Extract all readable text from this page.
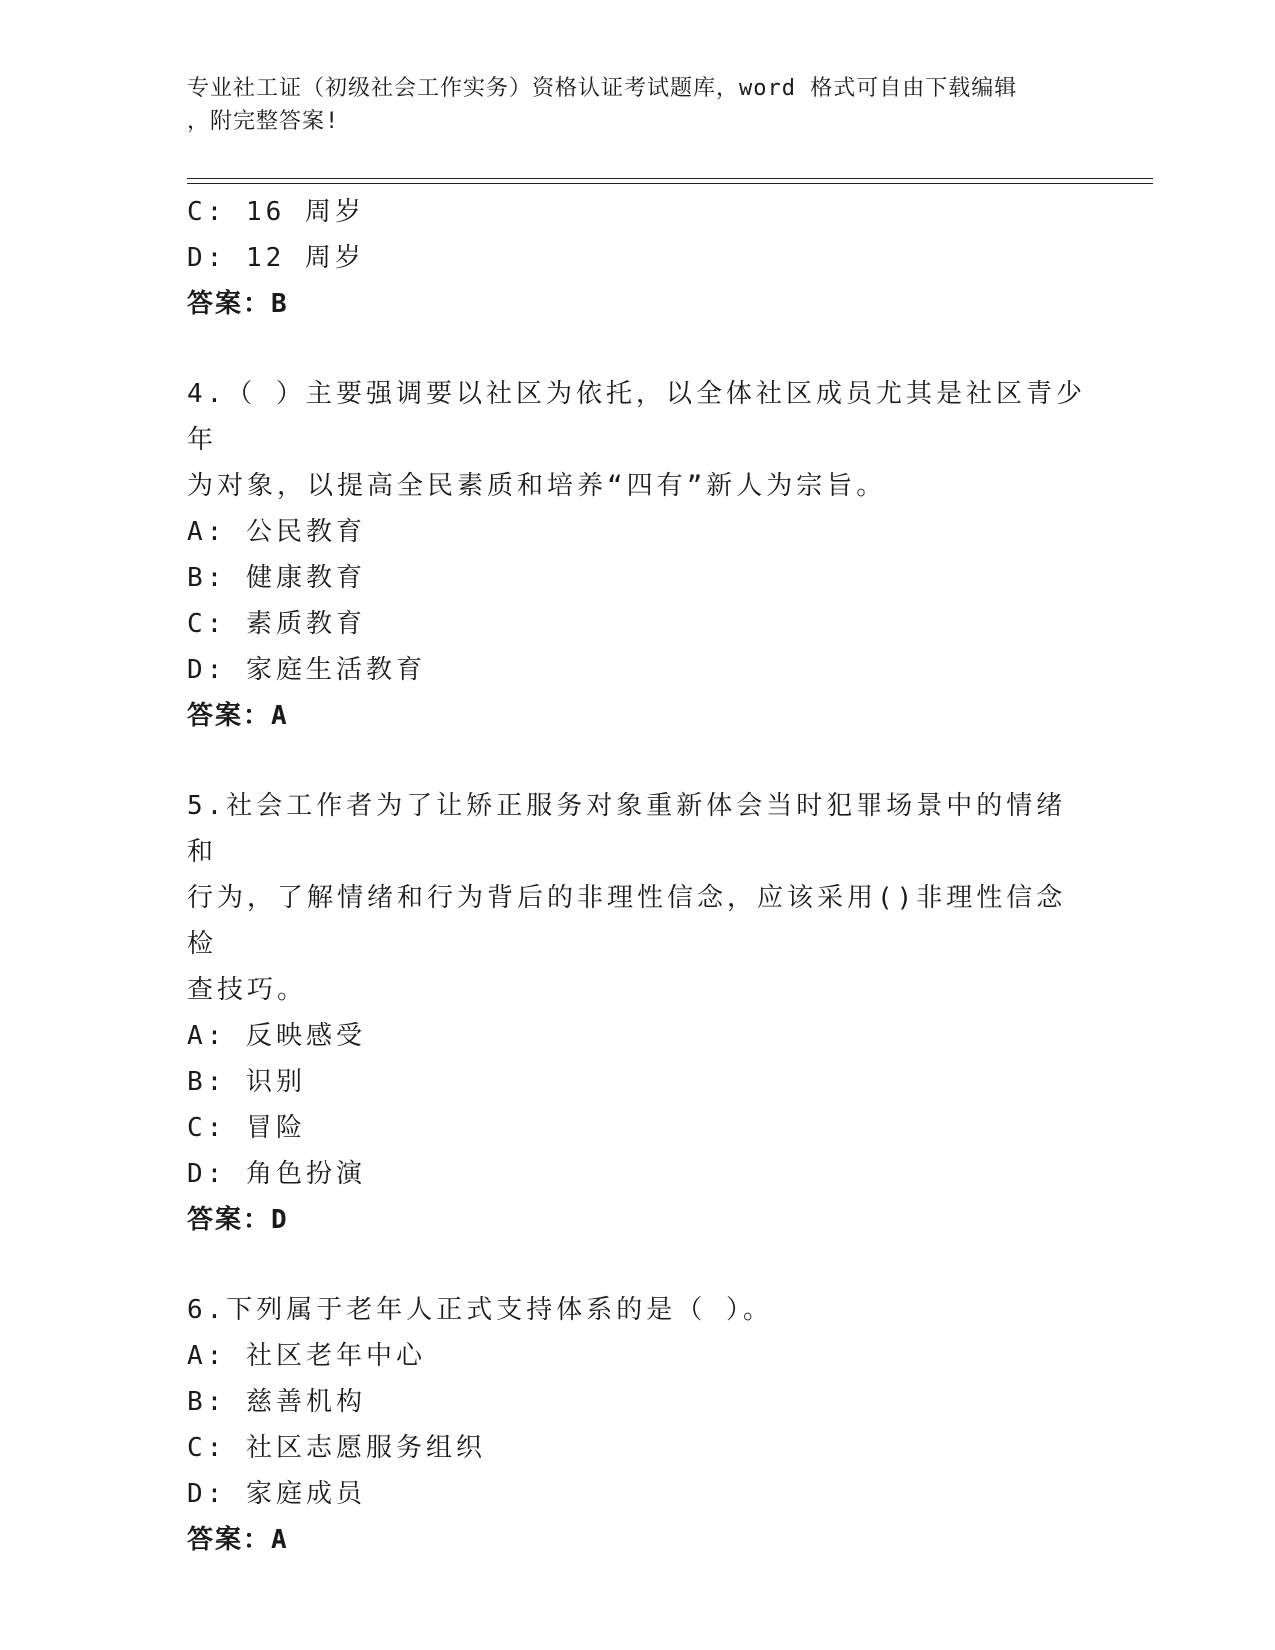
专业社工证（初级社会工作实务）资格认证考试题库，word 格式可自由下载编辑
，附完整答案!
C: 16 周岁
D: 12 周岁
答案：B
4.（ ）主要强调要以社区为依托，以全体社区成员尤其是社区青少年
为对象，以提高全民素质和培养“四有”新人为宗旨。
A: 公民教育
B: 健康教育
C: 素质教育
D: 家庭生活教育
答案：A
5.社会工作者为了让矫正服务对象重新体会当时犯罪场景中的情绪和
行为，了解情绪和行为背后的非理性信念，应该采用()非理性信念检
查技巧。
A: 反映感受
B: 识别
C: 冒险
D: 角色扮演
答案：D
6.下列属于老年人正式支持体系的是（ ）。
A: 社区老年中心
B: 慈善机构
C: 社区志愿服务组织
D: 家庭成员
答案：A
